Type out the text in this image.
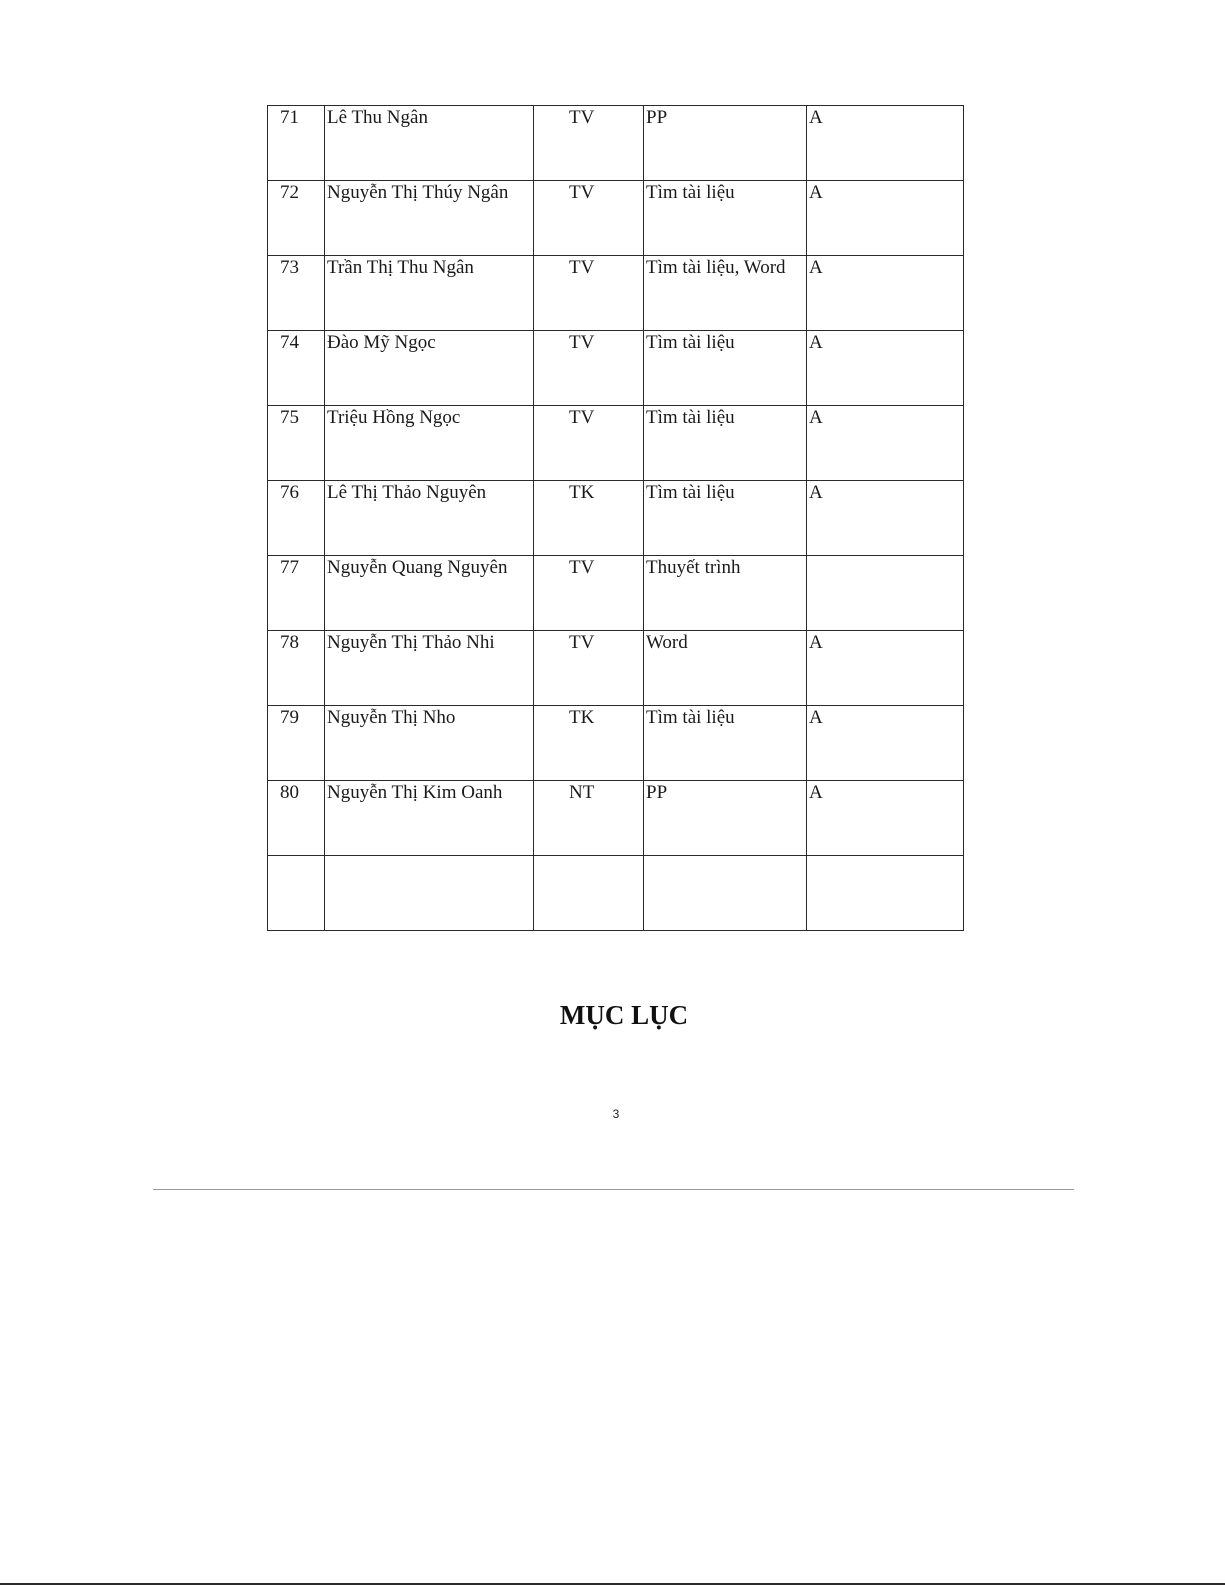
71	Lê Thu Ngân	TV	PP	A

72	Nguyễn Thị Thúy Ngân	TV	Tìm tài liệu	A

73	Trần Thị Thu Ngân	TV	Tìm tài liệu, Word	A

74	Đào Mỹ Ngọc	TV	Tìm tài liệu	A

75	Triệu Hồng Ngọc	TV	Tìm tài liệu	A

76	Lê Thị Thảo Nguyên	TK	Tìm tài liệu	A

77	Nguyễn Quang Nguyên	TV	Thuyết trình	

78	Nguyễn Thị Thảo Nhi	TV	Word	A

79	Nguyễn Thị Nho	TK	Tìm tài liệu	A

80	Nguyễn Thị Kim Oanh	NT	PP	A

MỤC LỤC
3
